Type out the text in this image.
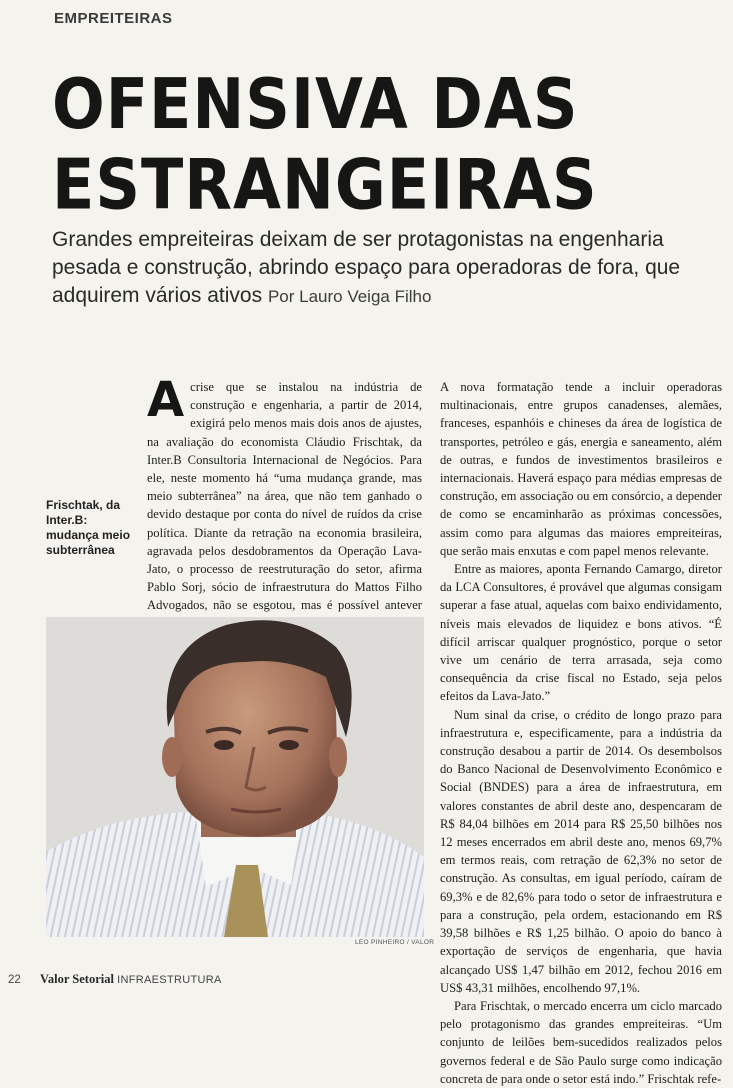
EMPREITEIRAS
OFENSIVA DAS
ESTRANGEIRAS

Grandes empreiteiras deixam de ser protagonistas na engenharia pesada e construção, abrindo espaço para operadoras de fora, que adquirem vários ativos Por Lauro Veiga Filho

Frischtak, da Inter.B: mudança meio subterrânea

Acrise que se instalou na indústria de construção e engenharia, a partir de 2014, exigirá pelo menos mais dois anos de ajustes, na avaliação do economista Cláudio Frischtak, da Inter.B Consultoria Internacional de Negócios. Para ele, neste momento há “uma mudança grande, mas meio subterrânea” na área, que não tem ganhado o devido destaque por conta do nível de ruídos da crise política. Diante da retração na economia brasileira, agravada pelos desdobramentos da Operação Lava-Jato, o processo de reestruturação do setor, afirma Pablo Sorj, sócio de infraestrutura do Mattos Filho Advogados, não se esgotou, mas é possível antever

A nova formatação tende a incluir operadoras multinacionais, entre grupos canadenses, alemães, franceses, espanhóis e chineses da área de logística de transportes, petróleo e gás, energia e saneamento, além de outras, e fundos de investimentos brasileiros e internacionais. Haverá espaço para médias empresas de construção, em associação ou em consórcio, a depender de como se encaminharão as próximas concessões, assim como para algumas das maiores empreiteiras, que serão mais enxutas e com papel menos relevante.

Entre as maiores, aponta Fernando Camargo, diretor da LCA Consultores, é provável que algumas consigam superar a fase atual, aquelas com baixo endividamento, níveis mais elevados de liquidez e bons ativos. “É difícil arriscar qualquer prognóstico, porque o setor vive um cenário de terra arrasada, seja como consequência da crise fiscal no Estado, seja pelos efeitos da Lava-Jato.”

Num sinal da crise, o crédito de longo prazo para infraestrutura e, especificamente, para a indústria da construção desabou a partir de 2014. Os desembolsos do Banco Nacional de Desenvolvimento Econômico e Social (BNDES) para a área de infraestrutura, em valores constantes de abril deste ano, despencaram de R$ 84,04 bilhões em 2014 para R$ 25,50 bilhões nos 12 meses encerrados em abril deste ano, menos 69,7% em termos reais, com retração de 62,3% no setor de construção. As consultas, em igual período, caíram de 69,3% e de 82,6% para todo o setor de infraestrutura e para a construção, pela ordem, estacionando em R$ 39,58 bilhões e R$ 1,25 bilhão. O apoio do banco à exportação de serviços de engenharia, que havia alcançado US$ 1,47 bilhão em 2012, fechou 2016 em US$ 43,31 milhões, encolhendo 97,1%.

Para Frischtak, o mercado encerra um ciclo marcado pelo protagonismo das grandes empreiteiras. “Um conjunto de leilões bem-sucedidos realizados pelos governos federal e de São Paulo surge como indicação concreta de para onde o setor está indo.” Frischtak refe-

LEO PINHEIRO / VALOR
22 Valor Setorial INFRAESTRUTURA
